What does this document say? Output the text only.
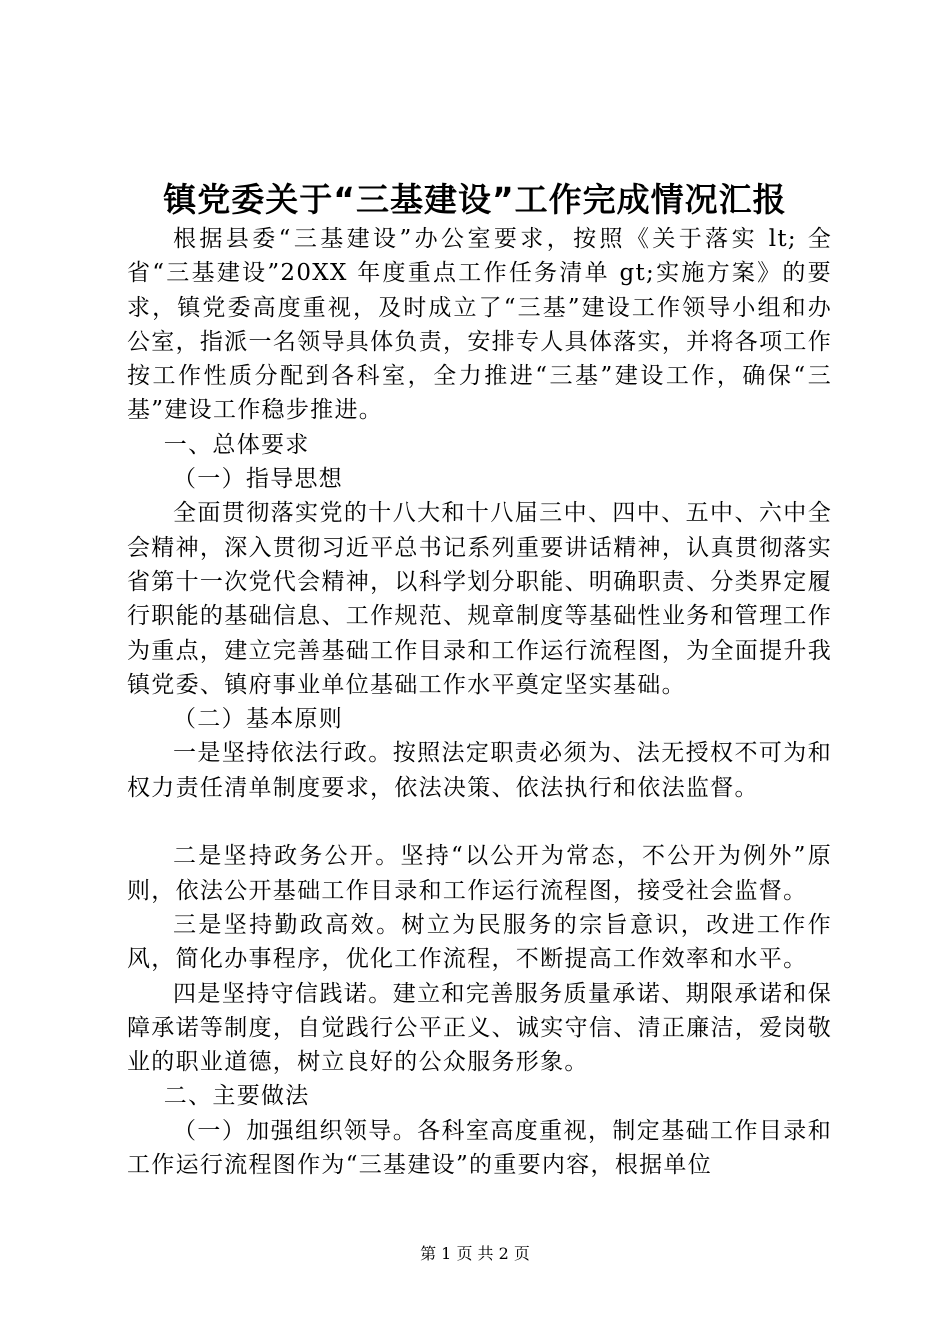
镇党委关于“三基建设”工作完成情况汇报

根据县委“三基建设”办公室要求，按照《关于落实 lt; 全省“三基建设”20XX 年度重点工作任务清单 gt;实施方案》的要求，镇党委高度重视，及时成立了“三基”建设工作领导小组和办公室，指派一名领导具体负责，安排专人具体落实，并将各项工作按工作性质分配到各科室，全力推进“三基”建设工作，确保“三基”建设工作稳步推进。

一、总体要求

（一）指导思想

全面贯彻落实党的十八大和十八届三中、四中、五中、六中全会精神，深入贯彻习近平总书记系列重要讲话精神，认真贯彻落实省第十一次党代会精神，以科学划分职能、明确职责、分类界定履行职能的基础信息、工作规范、规章制度等基础性业务和管理工作为重点，建立完善基础工作目录和工作运行流程图，为全面提升我镇党委、镇府事业单位基础工作水平奠定坚实基础。

（二）基本原则

一是坚持依法行政。按照法定职责必须为、法无授权不可为和权力责任清单制度要求，依法决策、依法执行和依法监督。

二是坚持政务公开。坚持“以公开为常态，不公开为例外”原则，依法公开基础工作目录和工作运行流程图，接受社会监督。

三是坚持勤政高效。树立为民服务的宗旨意识，改进工作作风，简化办事程序，优化工作流程，不断提高工作效率和水平。

四是坚持守信践诺。建立和完善服务质量承诺、期限承诺和保障承诺等制度，自觉践行公平正义、诚实守信、清正廉洁，爱岗敬业的职业道德，树立良好的公众服务形象。

二、主要做法

（一）加强组织领导。各科室高度重视，制定基础工作目录和工作运行流程图作为“三基建设”的重要内容，根据单位

第 1 页 共 2 页
